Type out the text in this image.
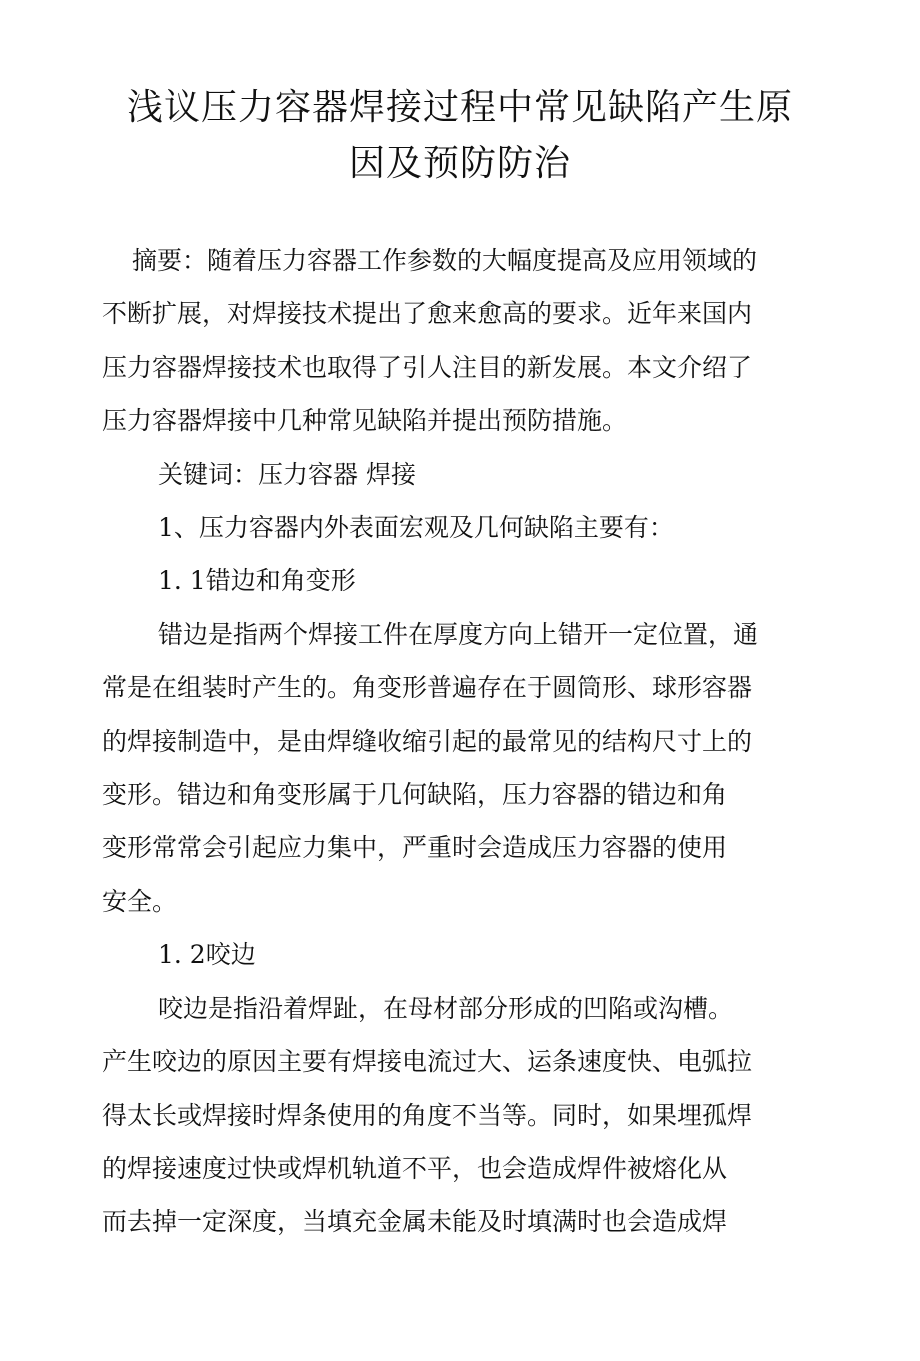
浅议压力容器焊接过程中常见缺陷产生原
因及预防防治

摘要：随着压力容器工作参数的大幅度提高及应用领域的
不断扩展，对焊接技术提出了愈来愈高的要求。近年来国内
压力容器焊接技术也取得了引人注目的新发展。本文介绍了
压力容器焊接中几种常见缺陷并提出预防措施。

关键词：压力容器 焊接

1、压力容器内外表面宏观及几何缺陷主要有：

1. 1错边和角变形

错边是指两个焊接工件在厚度方向上错开一定位置，通
常是在组装时产生的。角变形普遍存在于圆筒形、球形容器
的焊接制造中，是由焊缝收缩引起的最常见的结构尺寸上的
变形。错边和角变形属于几何缺陷，压力容器的错边和角
变形常常会引起应力集中，严重时会造成压力容器的使用
安全。

1. 2咬边

咬边是指沿着焊趾，在母材部分形成的凹陷或沟槽。
产生咬边的原因主要有焊接电流过大、运条速度快、电弧拉
得太长或焊接时焊条使用的角度不当等。同时，如果埋孤焊
的焊接速度过快或焊机轨道不平，也会造成焊件被熔化从
而去掉一定深度，当填充金属未能及时填满时也会造成焊
